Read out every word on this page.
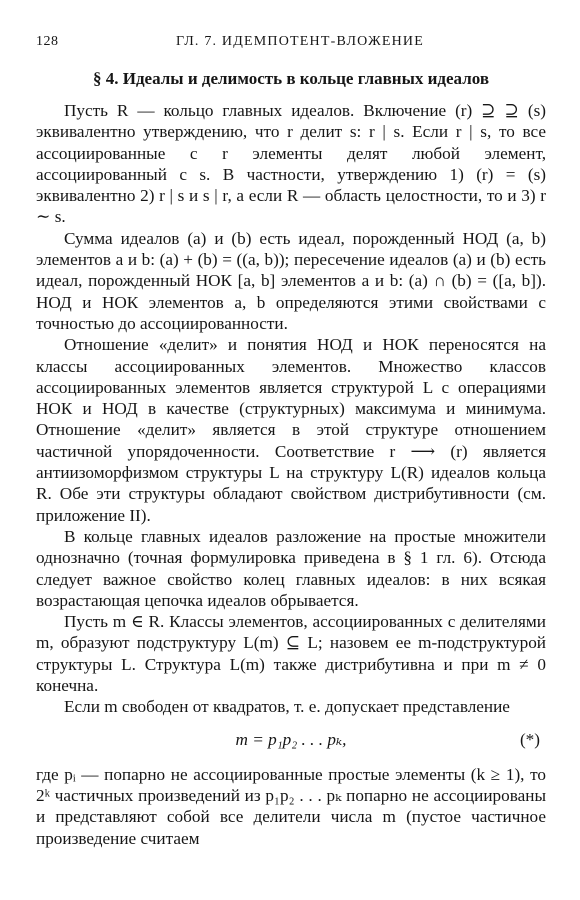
128	ГЛ. 7. ИДЕМПОТЕНТ-ВЛОЖЕНИЕ
§ 4. Идеалы и делимость в кольце главных идеалов

Пусть R — кольцо главных идеалов. Включение (r) ⊇ ⊇ (s) эквивалентно утверждению, что r делит s: r | s. Если r | s, то все ассоциированные с r элементы делят любой элемент, ассоциированный с s. В частности, утверждению 1) (r) = (s) эквивалентно 2) r | s и s | r, а если R — область целостности, то и 3) r ∼ s.

Сумма идеалов (a) и (b) есть идеал, порожденный НОД (a, b) элементов a и b: (a) + (b) = ((a, b)); пересечение идеалов (a) и (b) есть идеал, порожденный НОК [a, b] элементов a и b: (a) ∩ (b) = ([a, b]). НОД и НОК элементов a, b определяются этими свойствами с точностью до ассоциированности.

Отношение «делит» и понятия НОД и НОК переносятся на классы ассоциированных элементов. Множество классов ассоциированных элементов является структурой L с операциями НОК и НОД в качестве (структурных) максимума и минимума. Отношение «делит» является в этой структуре отношением частичной упорядоченности. Соответствие r ⟶ (r) является антиизоморфизмом структуры L на структуру L(R) идеалов кольца R. Обе эти структуры обладают свойством дистрибутивности (см. приложение II).

В кольце главных идеалов разложение на простые множители однозначно (точная формулировка приведена в § 1 гл. 6). Отсюда следует важное свойство колец главных идеалов: в них всякая возрастающая цепочка идеалов обрывается.

Пусть m ∈ R. Классы элементов, ассоциированных с делителями m, образуют подструктуру L(m) ⊆ L; назовем ее m-подструктурой структуры L. Структура L(m) также дистрибутивна и при m ≠ 0 конечна.

Если m свободен от квадратов, т. е. допускает представление

m = p₁p₂ . . . pₖ,	(*)

где pᵢ — попарно не ассоциированные простые элементы (k ≥ 1), то 2ᵏ частичных произведений из p₁p₂ . . . pₖ попарно не ассоциированы и представляют собой все делители числа m (пустое частичное произведение считаем
